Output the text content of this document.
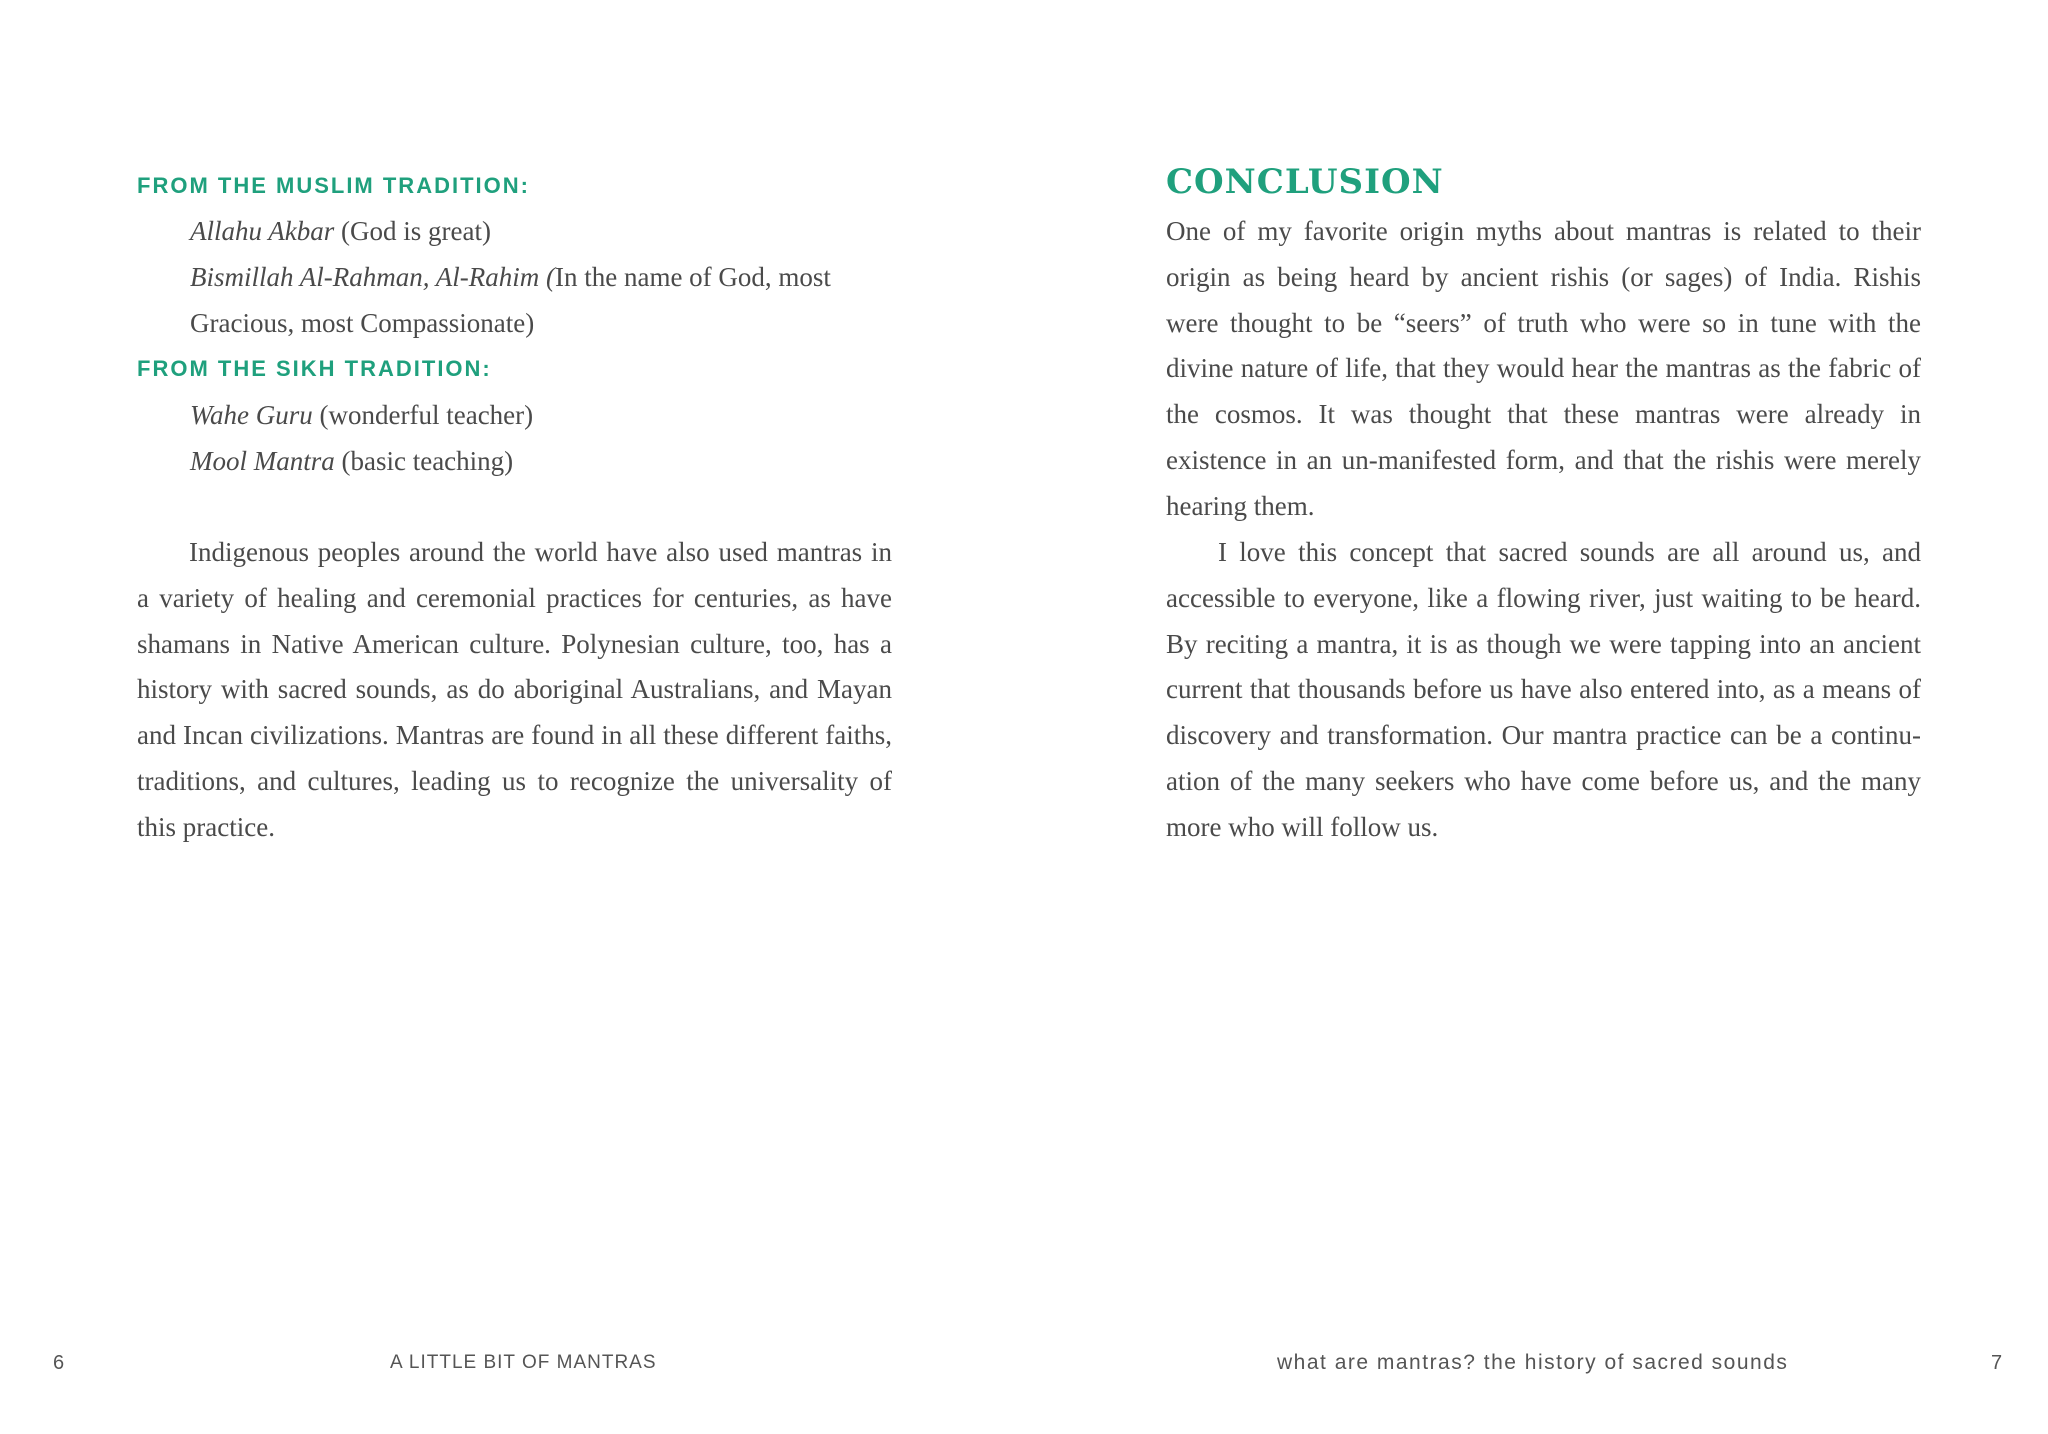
FROM THE MUSLIM TRADITION:
Allahu Akbar (God is great)
Bismillah Al-Rahman, Al-Rahim (In the name of God, most
Gracious, most Compassionate)
FROM THE SIKH TRADITION:
Wahe Guru (wonderful teacher)
Mool Mantra (basic teaching)

Indigenous peoples around the world have also used mantras in a variety of healing and ceremonial practices for centuries, as have shamans in Native American culture. Polynesian culture, too, has a history with sacred sounds, as do aboriginal Australians, and Mayan and Incan civilizations. Mantras are found in all these different faiths, traditions, and cultures, leading us to recognize the universality of this practice.

6	A LITTLE BIT OF MANTRAS
CONCLUSION

One of my favorite origin myths about mantras is related to their origin as being heard by ancient rishis (or sages) of India. Rishis were thought to be “seers” of truth who were so in tune with the divine nature of life, that they would hear the mantras as the fabric of the cosmos. It was thought that these mantras were already in existence in an un-manifested form, and that the rishis were merely hearing them.

I love this concept that sacred sounds are all around us, and accessible to everyone, like a flowing river, just waiting to be heard. By reciting a mantra, it is as though we were tapping into an ancient current that thousands before us have also entered into, as a means of discovery and transformation. Our mantra practice can be a continuation of the many seekers who have come before us, and the many more who will follow us.

what are mantras? the history of sacred sounds	7
